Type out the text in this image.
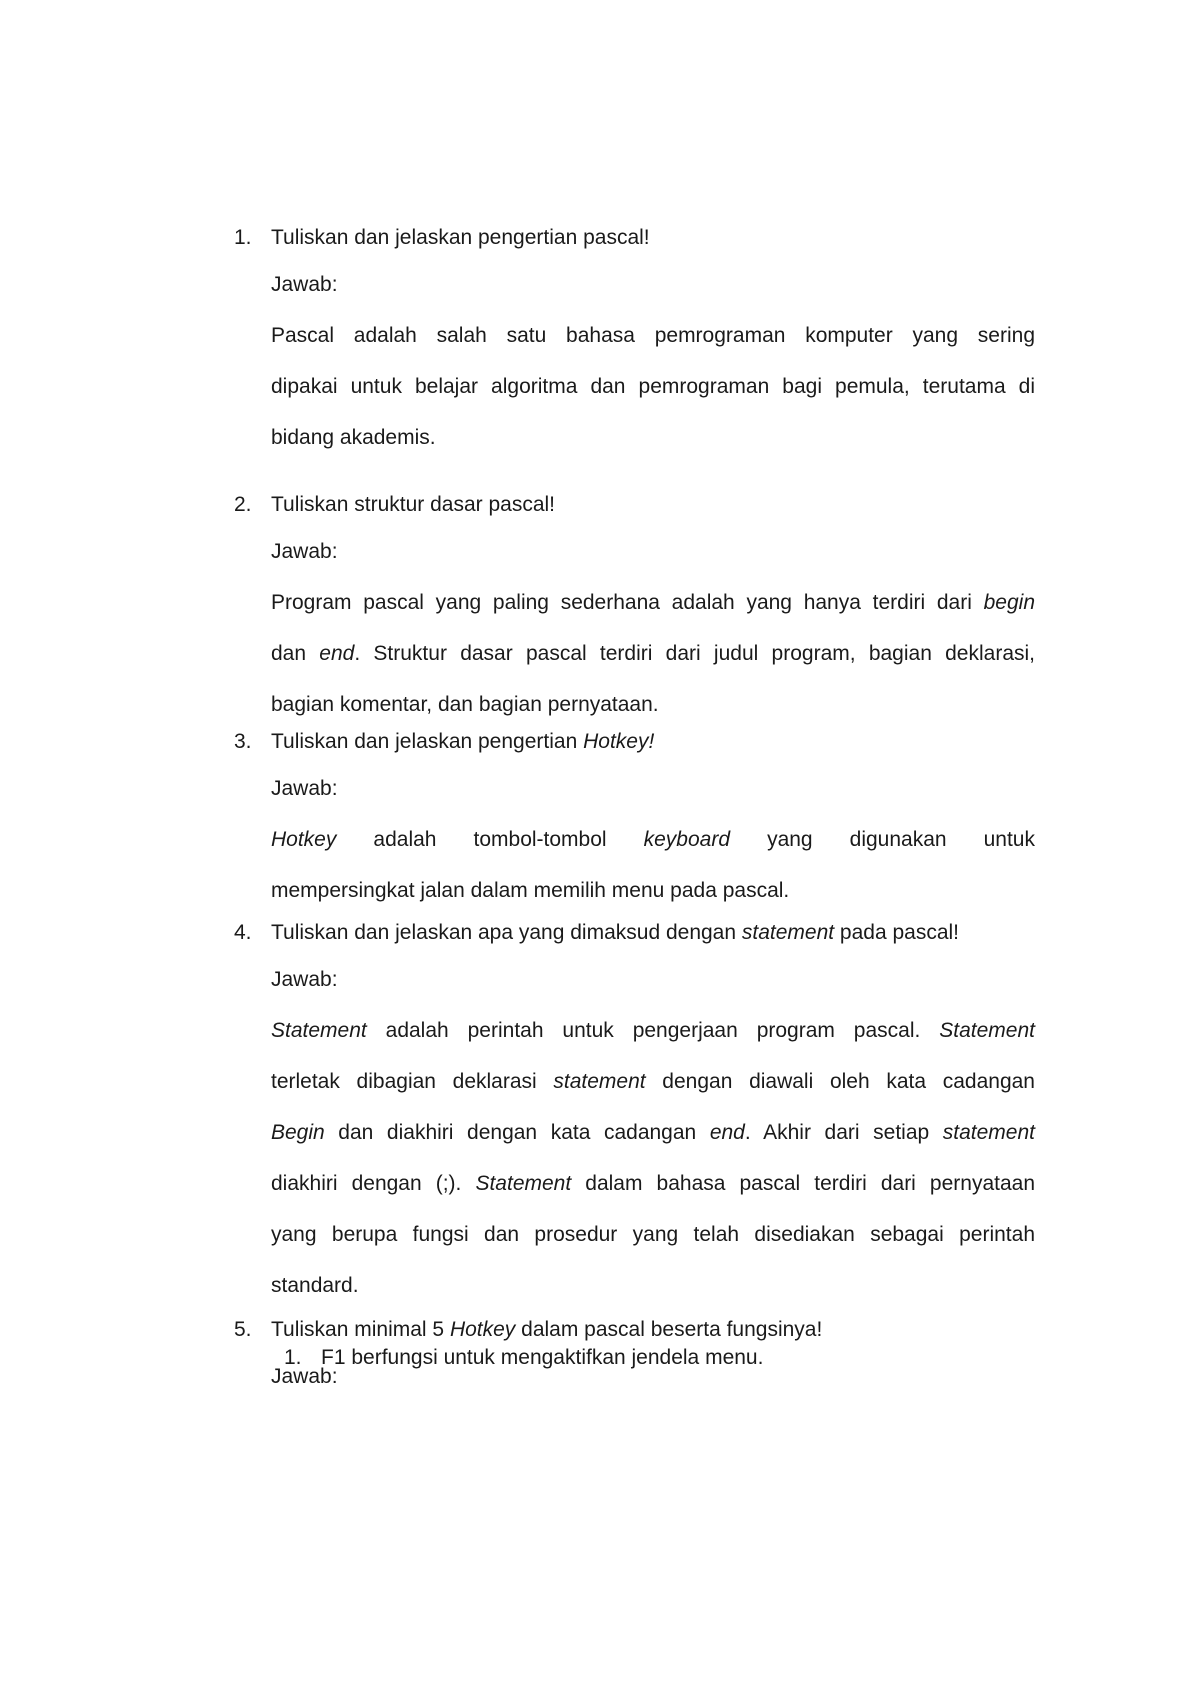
1. Tuliskan dan jelaskan pengertian pascal!
Jawab:
Pascal adalah salah satu bahasa pemrograman komputer yang sering
dipakai untuk belajar algoritma dan pemrograman bagi pemula, terutama di
bidang akademis.
2. Tuliskan struktur dasar pascal!
Jawab:
Program pascal yang paling sederhana adalah yang hanya terdiri dari begin
dan end. Struktur dasar pascal terdiri dari judul program, bagian deklarasi,
bagian komentar, dan bagian pernyataan.
3. Tuliskan dan jelaskan pengertian Hotkey!
Jawab:
Hotkey adalah tombol-tombol keyboard yang digunakan untuk
mempersingkat jalan dalam memilih menu pada pascal.
4. Tuliskan dan jelaskan apa yang dimaksud dengan statement pada pascal!
Jawab:
Statement adalah perintah untuk pengerjaan program pascal. Statement
terletak dibagian deklarasi statement dengan diawali oleh kata cadangan
Begin dan diakhiri dengan kata cadangan end. Akhir dari setiap statement
diakhiri dengan (;). Statement dalam bahasa pascal terdiri dari pernyataan
yang berupa fungsi dan prosedur yang telah disediakan sebagai perintah
standard.
5. Tuliskan minimal 5 Hotkey dalam pascal beserta fungsinya!
Jawab:
1. F1 berfungsi untuk mengaktifkan jendela menu.
